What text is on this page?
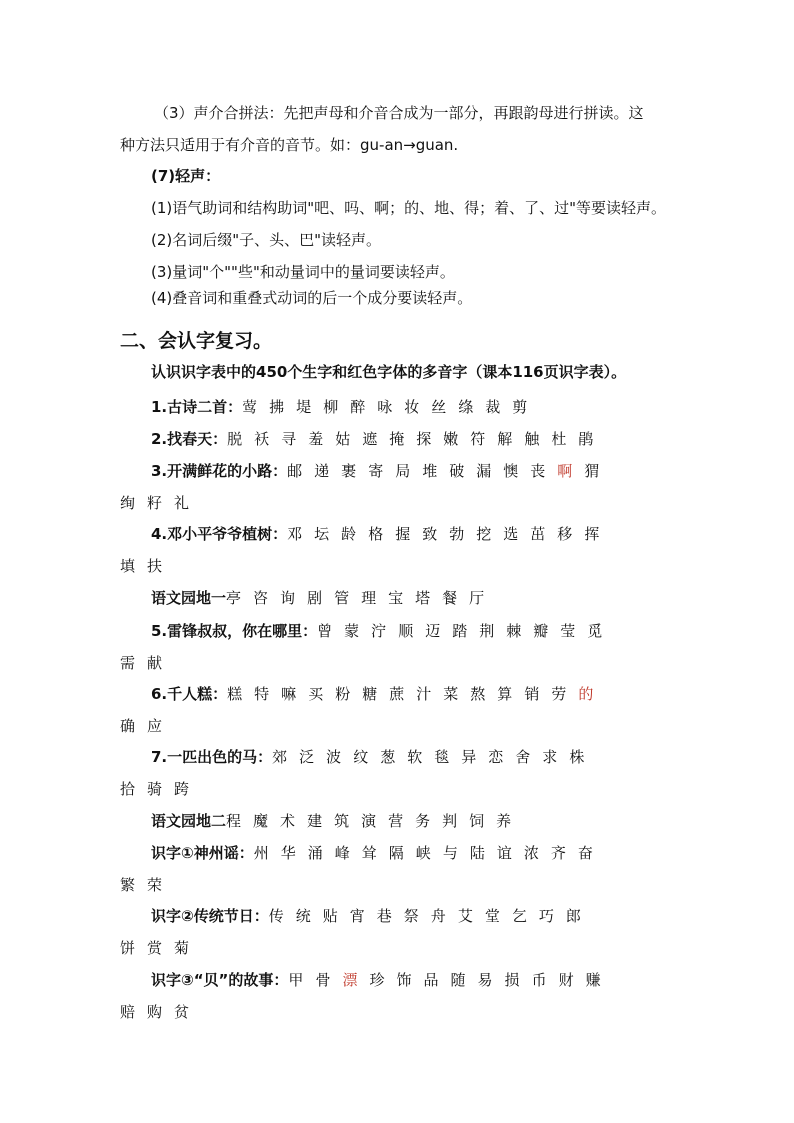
（3）声介合拼法：先把声母和介音合成为一部分，再跟韵母进行拼读。这
种方法只适用于有介音的音节。如：gu-an→guan.
(7)轻声：
(1)语气助词和结构助词"吧、吗、啊；的、地、得；着、了、过"等要读轻声。
(2)名词后缀"子、头、巴"读轻声。
(3)量词"个""些"和动量词中的量词要读轻声。
(4)叠音词和重叠式动词的后一个成分要读轻声。
二、会认字复习。
认识识字表中的450个生字和红色字体的多音字（课本116页识字表）。
1.古诗二首：莺 拂 堤 柳 醉 咏 妆 丝 绦 裁 剪
2.找春天：脱 袄 寻 羞 姑 遮 掩 探 嫩 符 解 触 杜 鹃
3.开满鲜花的小路：邮 递 裹 寄 局 堆 破 漏 懊 丧 啊 猬
绚 籽 礼
4.邓小平爷爷植树：邓 坛 龄 格 握 致 勃 挖 选 茁 移 挥
填 扶
语文园地一亭 咨 询 剧 管 理 宝 塔 餐 厅
5.雷锋叔叔，你在哪里：曾 蒙 泞 顺 迈 踏 荆 棘 瓣 莹 觅
需 献
6.千人糕：糕 特 嘛 买 粉 糖 蔗 汁 菜 熬 算 销 劳 的
确 应
7.一匹出色的马：郊 泛 波 纹 葱 软 毯 异 恋 舍 求 株
拾 骑 跨
语文园地二程 魔 术 建 筑 演 营 务 判 饲 养
识字①神州谣：州 华 涌 峰 耸 隔 峡 与 陆 谊 浓 齐 奋
繁 荣
识字②传统节日：传 统 贴 宵 巷 祭 舟 艾 堂 乞 巧 郎
饼 赏 菊
识字③“贝”的故事：甲 骨 漂 珍 饰 品 随 易 损 币 财 赚
赔 购 贫
